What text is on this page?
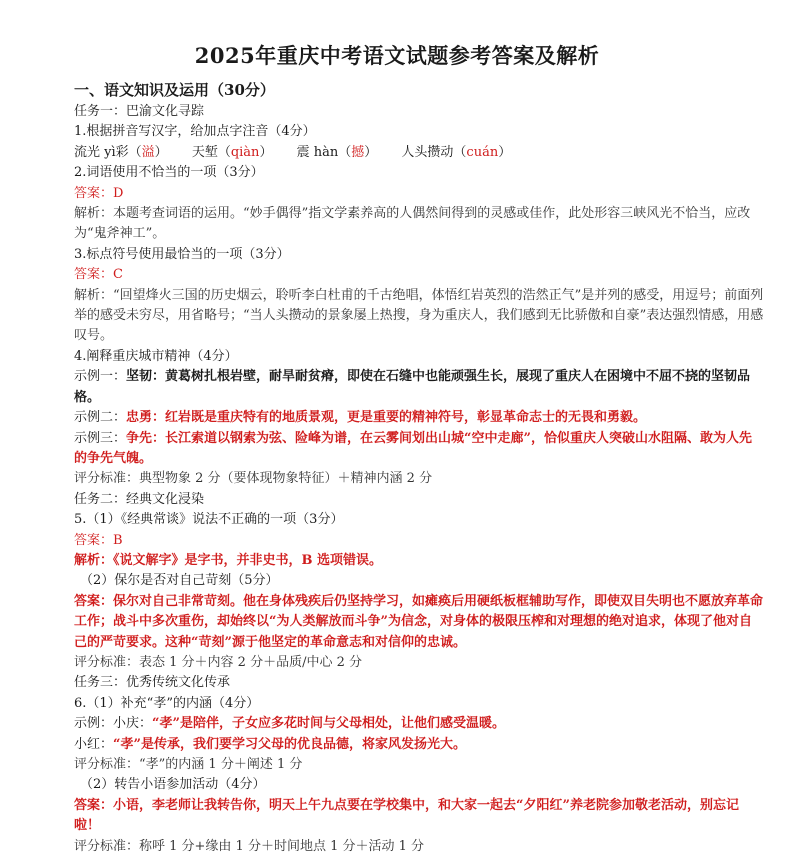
2025年重庆中考语文试题参考答案及解析
一、语文知识及运用（30分）
任务一：巴渝文化寻踪
1.根据拼音写汉字，给加点字注音（4分）
流光 yì彩（溢） 天堑（qiàn） 震 hàn（撼） 人头攒动（cuán）
2.词语使用不恰当的一项（3分）
答案：D
解析：本题考查词语的运用。“妙手偶得”指文学素养高的人偶然间得到的灵感或佳作，此处形容三峡风光不恰当，应改为“鬼斧神工”。
3.标点符号使用最恰当的一项（3分）
答案：C
解析：“回望烽火三国的历史烟云，聆听李白杜甫的千古绝唱，体悟红岩英烈的浩然正气”是并列的感受，用逗号；前面列举的感受未穷尽，用省略号；“当人头攒动的景象屡上热搜，身为重庆人，我们感到无比骄傲和自豪”表达强烈情感，用感叹号。
4.阐释重庆城市精神（4分）
示例一：坚韧：黄葛树扎根岩壁，耐旱耐贫瘠，即使在石缝中也能顽强生长，展现了重庆人在困境中不屈不挠的坚韧品格。
示例二：忠勇：红岩既是重庆特有的地质景观，更是重要的精神符号，彰显革命志士的无畏和勇毅。
示例三：争先：长江索道以钢索为弦、险峰为谱，在云雾间划出山城“空中走廊”，恰似重庆人突破山水阻隔、敢为人先的争先气魄。
评分标准：典型物象 2 分（要体现物象特征）＋精神内涵 2 分
任务二：经典文化浸染
5.（1）《经典常谈》说法不正确的一项（3分）
答案：B
解析：《说文解字》是字书，并非史书，B 选项错误。
（2）保尔是否对自己苛刻（5分）
答案：保尔对自己非常苛刻。他在身体残疾后仍坚持学习，如瘫痪后用硬纸板框辅助写作，即使双目失明也不愿放弃革命工作；战斗中多次重伤，却始终以“为人类解放而斗争”为信念，对身体的极限压榨和对理想的绝对追求，体现了他对自己的严苛要求。这种“苛刻”源于他坚定的革命意志和对信仰的忠诚。
评分标准：表态 1 分＋内容 2 分＋品质/中心 2 分
任务三：优秀传统文化传承
6.（1）补充“孝”的内涵（4分）
示例：小庆：“孝”是陪伴，子女应多花时间与父母相处，让他们感受温暖。
小红：“孝”是传承，我们要学习父母的优良品德，将家风发扬光大。
评分标准：“孝”的内涵 1 分＋阐述 1 分
（2）转告小语参加活动（4分）
答案：小语，李老师让我转告你，明天上午九点要在学校集中，和大家一起去“夕阳红”养老院参加敬老活动，别忘记啦！
评分标准：称呼 1 分+缘由 1 分＋时间地点 1 分＋活动 1 分
